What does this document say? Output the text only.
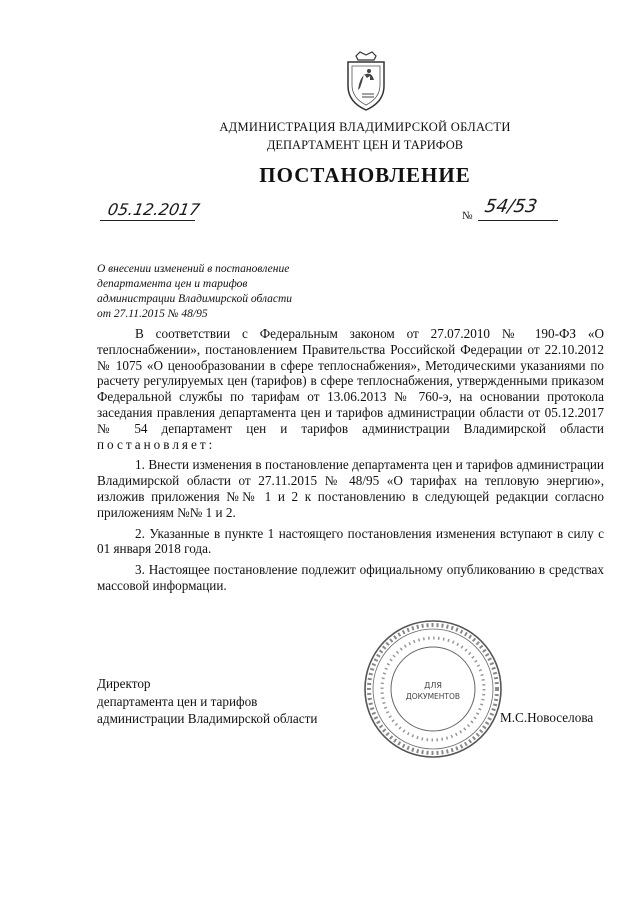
АДМИНИСТРАЦИЯ ВЛАДИМИРСКОЙ ОБЛАСТИ
ДЕПАРТАМЕНТ ЦЕН И ТАРИФОВ
ПОСТАНОВЛЕНИЕ
05.12.2017	№ 54/53
О внесении изменений в постановление
департамента цен и тарифов
администрации Владимирской области
от 27.11.2015 № 48/95

В соответствии с Федеральным законом от 27.07.2010 № 190-ФЗ «О теплоснабжении», постановлением Правительства Российской Федерации от 22.10.2012 № 1075 «О ценообразовании в сфере теплоснабжения», Методическими указаниями по расчету регулируемых цен (тарифов) в сфере теплоснабжения, утвержденными приказом Федеральной службы по тарифам от 13.06.2013 № 760-э, на основании протокола заседания правления департамента цен и тарифов администрации области от 05.12.2017 № 54 департамент цен и тарифов администрации Владимирской области постановляет:

1. Внести изменения в постановление департамента цен и тарифов администрации Владимирской области от 27.11.2015 № 48/95 «О тарифах на тепловую энергию», изложив приложения №№ 1 и 2 к постановлению в следующей редакции согласно приложениям №№ 1 и 2.

2. Указанные в пункте 1 настоящего постановления изменения вступают в силу с 01 января 2018 года.

3. Настоящее постановление подлежит официальному опубликованию в средствах массовой информации.

Директор
департамента цен и тарифов
администрации Владимирской области
ДЛЯ
ДОКУМЕНТОВ
М.С.Новоселова
